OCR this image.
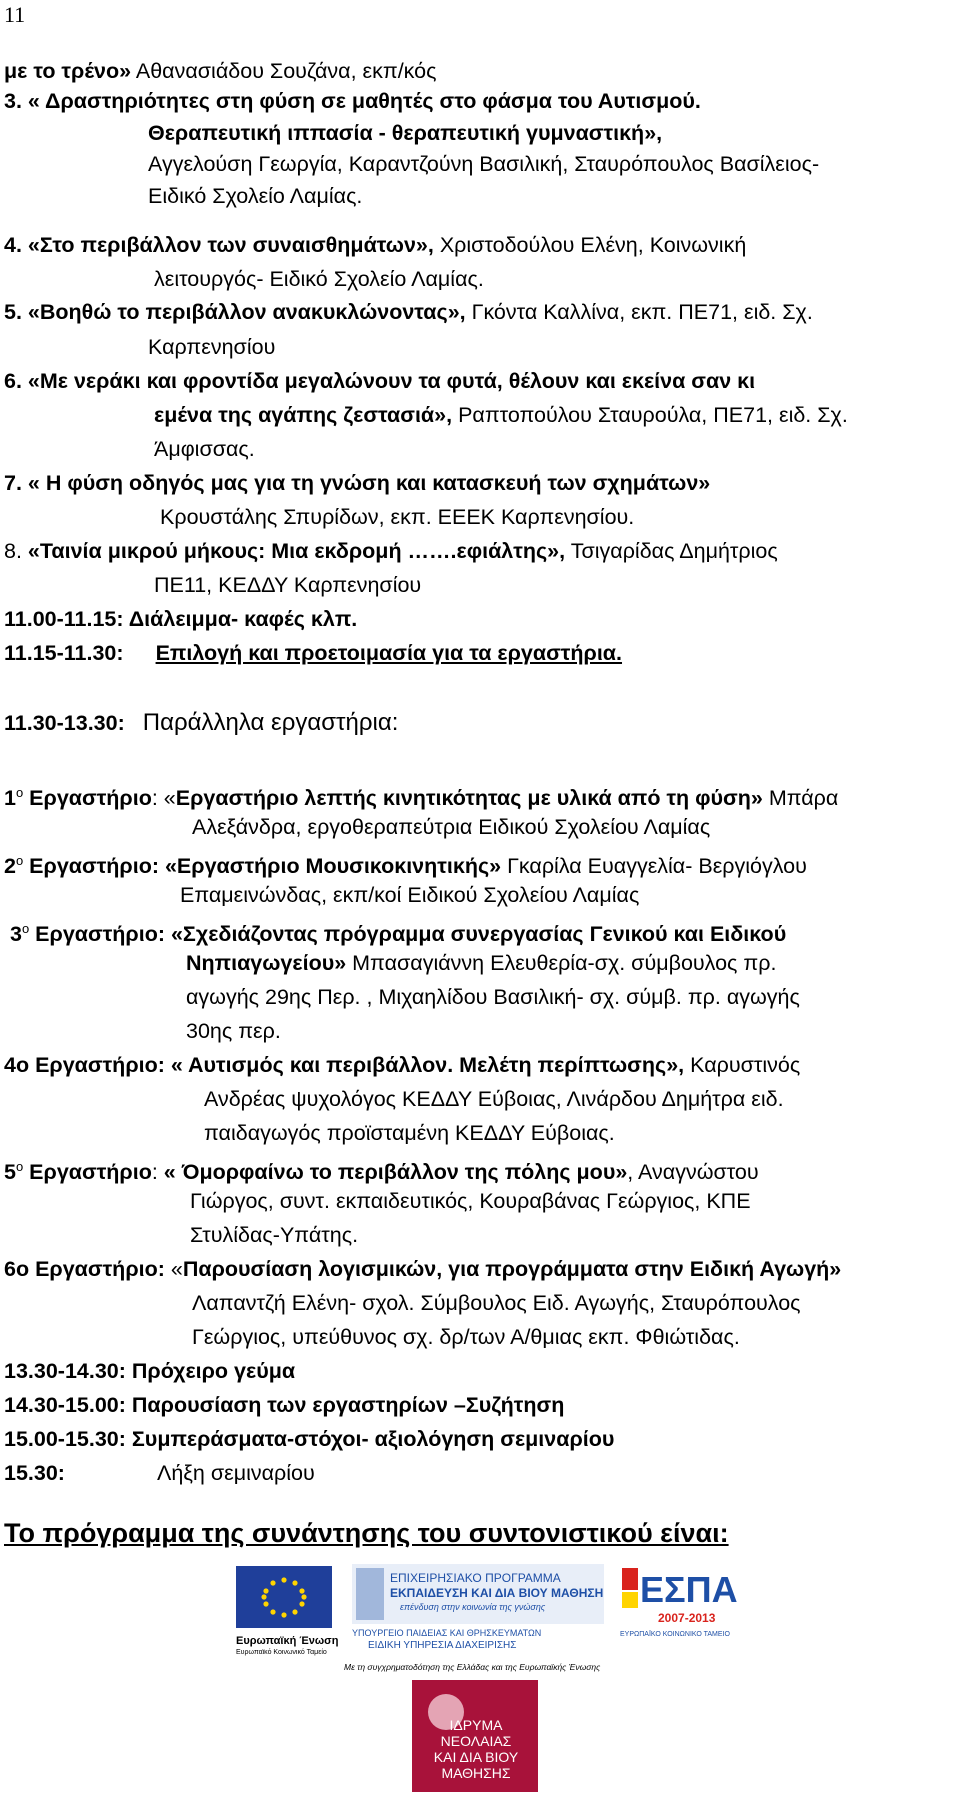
11
με το τρένο» Αθανασιάδου Σουζάνα, εκπ/κός
3. « Δραστηριότητες στη φύση σε μαθητές στο φάσμα του Αυτισμού.
Θεραπευτική ιππασία - θεραπευτική γυμναστική»,
Αγγελούση Γεωργία, Καραντζούνη Βασιλική, Σταυρόπουλος Βασίλειος-
Ειδικό Σχολείο Λαμίας.
4. «Στο περιβάλλον των συναισθημάτων», Χριστοδούλου Ελένη, Κοινωνική
λειτουργός- Ειδικό Σχολείο Λαμίας.
5. «Βοηθώ το περιβάλλον ανακυκλώνοντας», Γκόντα Καλλίνα, εκπ. ΠΕ71, ειδ. Σχ.
Καρπενησίου
6. «Με νεράκι και φροντίδα μεγαλώνουν τα φυτά, θέλουν και εκείνα σαν κι
εμένα της αγάπης ζεστασιά», Ραπτοπούλου Σταυρούλα, ΠΕ71, ειδ. Σχ.
Άμφισσας.
7. « Η φύση οδηγός μας για τη γνώση και κατασκευή των σχημάτων»
Κρουστάλης Σπυρίδων, εκπ. ΕΕΕΚ Καρπενησίου.
8. «Ταινία μικρού μήκους: Μια εκδρομή …….εφιάλτης», Τσιγαρίδας Δημήτριος
ΠΕ11, ΚΕΔΔΥ Καρπενησίου
11.00-11.15: Διάλειμμα- καφές κλπ.
11.15-11.30: Επιλογή και προετοιμασία για τα εργαστήρια.
11.30-13.30: Παράλληλα εργαστήρια:
$1^o$ Εργαστήριο: «Εργαστήριο λεπτής κινητικότητας με υλικά από τη φύση» Μπάρα
Αλεξάνδρα, εργοθεραπεύτρια Ειδικού Σχολείου Λαμίας
$2^o$ Εργαστήριο: «Εργαστήριο Μουσικοκινητικής» Γκαρίλα Ευαγγελία- Βεργιόγλου
Επαμεινώνδας, εκπ/κοί Ειδικού Σχολείου Λαμίας
$3^o$ Εργαστήριο: «Σχεδιάζοντας πρόγραμμα συνεργασίας Γενικού και Ειδικού
Νηπιαγωγείου» Μπασαγιάννη Ελευθερία-σχ. σύμβουλος πρ.
αγωγής 29ης Περ. , Μιχαηλίδου Βασιλική- σχ. σύμβ. πρ. αγωγής
30ης περ.
4ο Εργαστήριο: « Αυτισμός και περιβάλλον. Μελέτη περίπτωσης», Καρυστινός
Ανδρέας ψυχολόγος ΚΕΔΔΥ Εύβοιας, Λινάρδου Δημήτρα ειδ.
παιδαγωγός προϊσταμένη ΚΕΔΔΥ Εύβοιας.
$5^o$ Εργαστήριο: « Όμορφαίνω το περιβάλλον της πόλης μου», Αναγνώστου
Γιώργος, συντ. εκπαιδευτικός, Κουραβάνας Γεώργιος, ΚΠΕ
Στυλίδας-Υπάτης.
6ο Εργαστήριο: «Παρουσίαση λογισμικών, για προγράμματα στην Ειδική Αγωγή»
Λαπαντζή Ελένη- σχολ. Σύμβουλος Ειδ. Αγωγής, Σταυρόπουλος
Γεώργιος, υπεύθυνος σχ. δρ/των Α/θμιας εκπ. Φθιώτιδας.
13.30-14.30: Πρόχειρο γεύμα
14.30-15.00: Παρουσίαση των εργαστηρίων –Συζήτηση
15.00-15.30: Συμπεράσματα-στόχοι- αξιολόγηση σεμιναρίου
15.30:	Λήξη σεμιναρίου
Το πρόγραμμα της συνάντησης του συντονιστικού είναι:
Ευρωπαϊκή Ένωση
Ευρωπαϊκό Κοινωνικό Ταμείο
ΕΠΙΧΕΙΡΗΣΙΑΚΟ ΠΡΟΓΡΑΜΜΑ
ΕΚΠΑΙΔΕΥΣΗ ΚΑΙ ΔΙΑ ΒΙΟΥ ΜΑΘΗΣΗ
επένδυση στην κοινωνία της γνώσης
ΥΠΟΥΡΓΕΙΟ ΠΑΙΔΕΙΑΣ ΚΑΙ ΘΡΗΣΚΕΥΜΑΤΩΝ
ΕΙΔΙΚΗ ΥΠΗΡΕΣΙΑ ΔΙΑΧΕΙΡΙΣΗΣ
ΕΣΠΑ
2007-2013
ΕΥΡΩΠΑΪΚΟ ΚΟΙΝΩΝΙΚΟ ΤΑΜΕΙΟ
Με τη συγχρηματοδότηση της Ελλάδας και της Ευρωπαϊκής Ένωσης
ΙΔΡΥΜΑ
ΝΕΟΛΑΙΑΣ
ΚΑΙ ΔΙΑ ΒΙΟΥ
ΜΑΘΗΣΗΣ
